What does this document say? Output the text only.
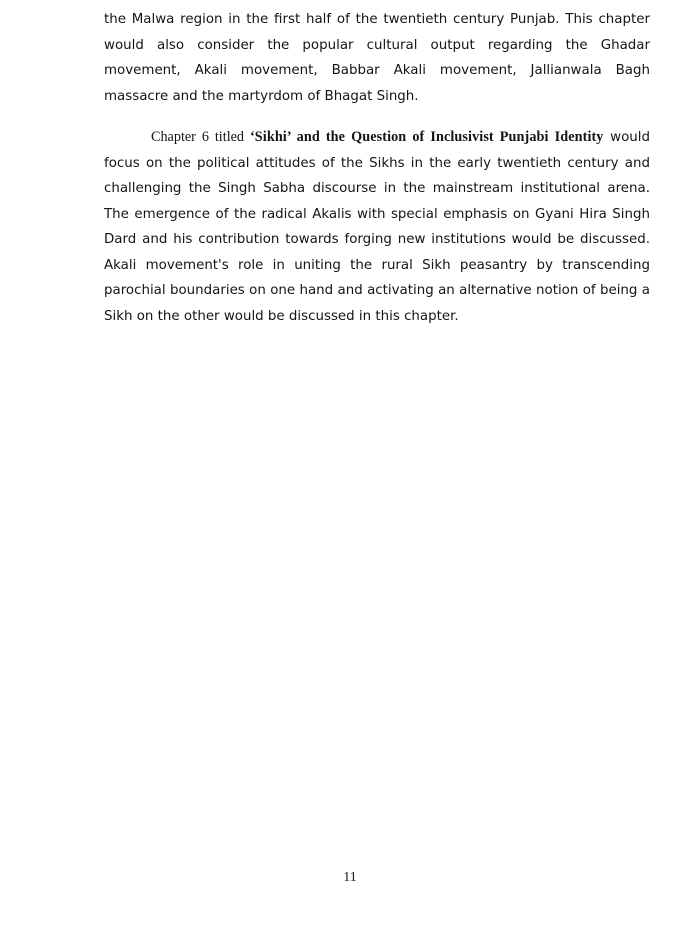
the Malwa region in the first half of the twentieth century Punjab. This chapter would also consider the popular cultural output regarding the Ghadar movement, Akali movement, Babbar Akali movement, Jallianwala Bagh massacre and the martyrdom of Bhagat Singh.

Chapter 6 titled ‘Sikhi’ and the Question of Inclusivist Punjabi Identity would focus on the political attitudes of the Sikhs in the early twentieth century and challenging the Singh Sabha discourse in the mainstream institutional arena. The emergence of the radical Akalis with special emphasis on Gyani Hira Singh Dard and his contribution towards forging new institutions would be discussed. Akali movement's role in uniting the rural Sikh peasantry by transcending parochial boundaries on one hand and activating an alternative notion of being a Sikh on the other would be discussed in this chapter.

11
